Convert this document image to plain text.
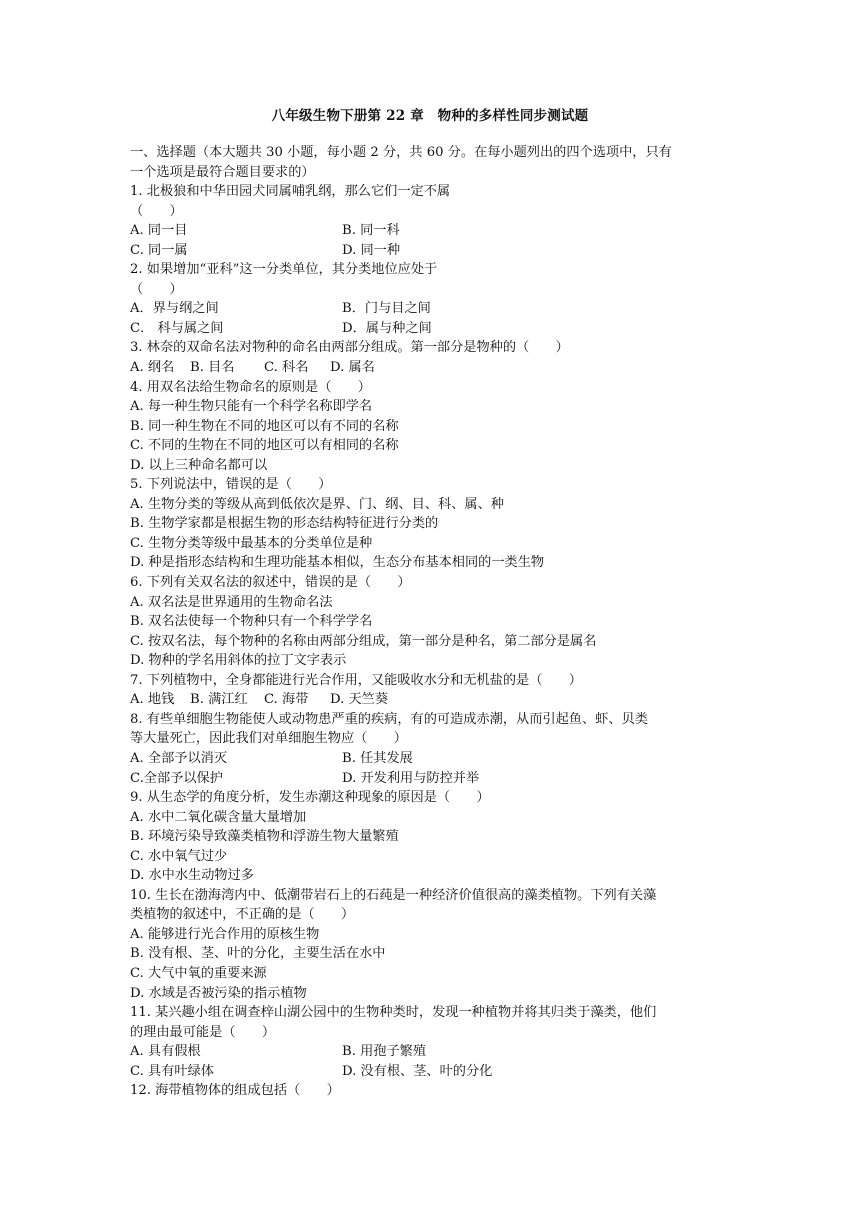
八年级生物下册第 22 章　物种的多样性同步测试题
一、选择题（本大题共 30 小题，每小题 2 分，共 60 分。在每小题列出的四个选项中，只有
一个选项是最符合题目要求的）
1. 北极狼和中华田园犬同属哺乳纲，那么它们一定不属
（　　）
A. 同一目	B. 同一科
C. 同一属	D. 同一种
2. 如果增加“亚科”这一分类单位，其分类地位应处于
（　　）
A．界与纲之间	B．门与目之间
C． 科与属之间	D．属与种之间
3. 林奈的双命名法对物种的命名由两部分组成。第一部分是物种的（　　）
A. 纲名	B. 目名	C. 科名	D. 属名
4. 用双名法给生物命名的原则是（　　）
A. 每一种生物只能有一个科学名称即学名
B. 同一种生物在不同的地区可以有不同的名称
C. 不同的生物在不同的地区可以有相同的名称
D. 以上三种命名都可以
5. 下列说法中，错误的是（　　）
A. 生物分类的等级从高到低依次是界、门、纲、目、科、属、种
B. 生物学家都是根据生物的形态结构特征进行分类的
C. 生物分类等级中最基本的分类单位是种
D. 种是指形态结构和生理功能基本相似，生态分布基本相同的一类生物
6. 下列有关双名法的叙述中，错误的是（　　）
A. 双名法是世界通用的生物命名法
B. 双名法使每一个物种只有一个科学学名
C. 按双名法，每个物种的名称由两部分组成，第一部分是种名，第二部分是属名
D. 物种的学名用斜体的拉丁文字表示
7. 下列植物中，全身都能进行光合作用，又能吸收水分和无机盐的是（　　）
A. 地钱	B. 满江红	C. 海带	D. 天竺葵
8. 有些单细胞生物能使人或动物患严重的疾病，有的可造成赤潮，从而引起鱼、虾、贝类
等大量死亡，因此我们对单细胞生物应（　　）
A. 全部予以消灭	B. 任其发展
C.全部予以保护	D. 开发利用与防控并举
9. 从生态学的角度分析，发生赤潮这种现象的原因是（　　）
A. 水中二氧化碳含量大量增加
B. 环境污染导致藻类植物和浮游生物大量繁殖
C. 水中氧气过少
D. 水中水生动物过多
10. 生长在渤海湾内中、低潮带岩石上的石莼是一种经济价值很高的藻类植物。下列有关藻
类植物的叙述中，不正确的是（　　）
A. 能够进行光合作用的原核生物
B. 没有根、茎、叶的分化，主要生活在水中
C. 大气中氧的重要来源
D. 水域是否被污染的指示植物
11. 某兴趣小组在调查梓山湖公园中的生物种类时，发现一种植物并将其归类于藻类，他们
的理由最可能是（　　）
A. 具有假根	B. 用孢子繁殖
C. 具有叶绿体	D. 没有根、茎、叶的分化
12. 海带植物体的组成包括（　　）
